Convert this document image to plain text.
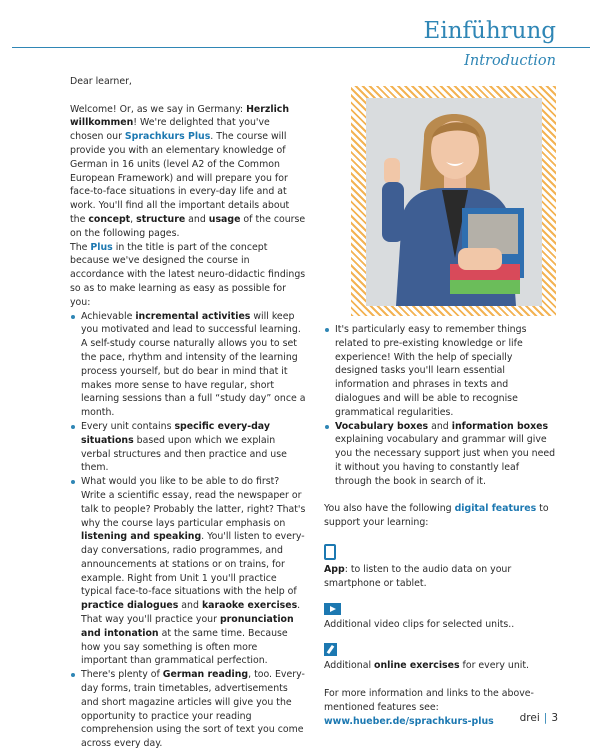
Einführung
Introduction

Dear learner,

Welcome! Or, as we say in Germany: Herzlich willkommen! We're delighted that you've chosen our Sprachkurs Plus. The course will provide you with an elementary knowledge of German in 16 units (level A2 of the Common European Framework) and will prepare you for face-to-face situations in every-day life and at work. You'll find all the important details about the concept, structure and usage of the course on the following pages.

The Plus in the title is part of the concept because we've designed the course in accordance with the latest neuro-didactic findings so as to make learning as easy as possible for you:

Achievable incremental activities will keep you motivated and lead to successful learning. A self-study course naturally allows you to set the pace, rhythm and intensity of the learning process yourself, but do bear in mind that it makes more sense to have regular, short learning sessions than a full “study day” once a month.
Every unit contains specific every-day situations based upon which we explain verbal structures and then practice and use them.
What would you like to be able to do first? Write a scientific essay, read the newspaper or talk to people? Probably the latter, right? That's why the course lays particular emphasis on listening and speaking. You'll listen to every-day conversations, radio programmes, and announcements at stations or on trains, for example. Right from Unit 1 you'll practice typical face-to-face situations with the help of practice dialogues and karaoke exercises. That way you'll practice your pronunciation and intonation at the same time. Because how you say something is often more important than grammatical perfection.
There's plenty of German reading, too. Every-day forms, train timetables, advertisements and short magazine articles will give you the opportunity to practice your reading comprehension using the sort of text you come across every day.
It's particularly easy to remember things related to pre-existing knowledge or life experience! With the help of specially designed tasks you'll learn essential information and phrases in texts and dialogues and will be able to recognise grammatical regularities.
Vocabulary boxes and information boxes explaining vocabulary and grammar will give you the necessary support just when you need it without you having to constantly leaf through the book in search of it.

You also have the following digital features to support your learning:

App: to listen to the audio data on your smartphone or tablet.

Additional video clips for selected units..

Additional online exercises for every unit.

For more information and links to the above-mentioned features see:
www.hueber.de/sprachkurs-plus	drei | 3
